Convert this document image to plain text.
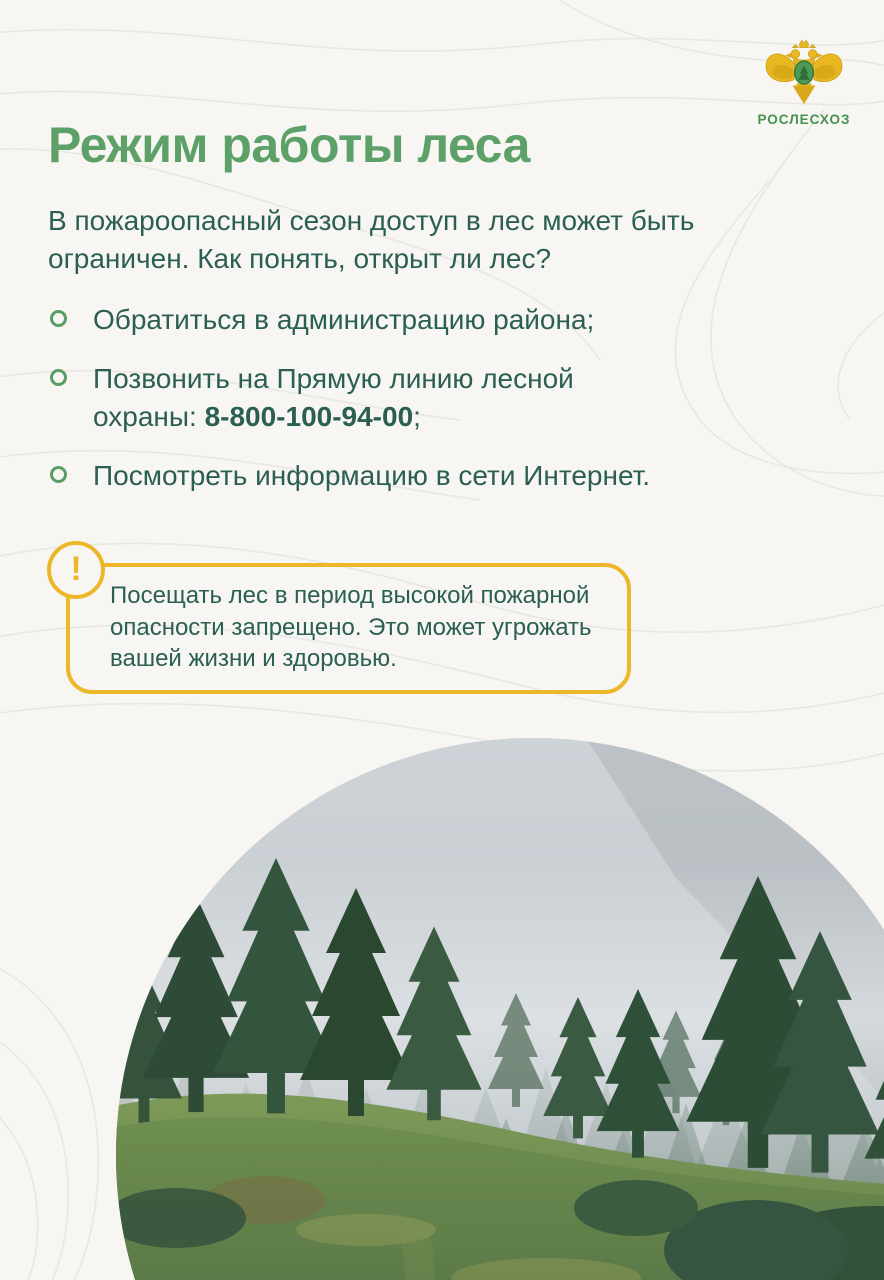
РОСЛЕСХОЗ
Режим работы леса

В пожароопасный сезон доступ в лес может быть ограничен. Как понять, открыт ли лес?

Обратиться в администрацию района;
Позвонить на Прямую линию лесной охраны: 8-800-100-94-00;
Посмотреть информацию в сети Интернет.
!

Посещать лес в период высокой пожарной опасности запрещено. Это может угрожать вашей жизни и здоровью.
